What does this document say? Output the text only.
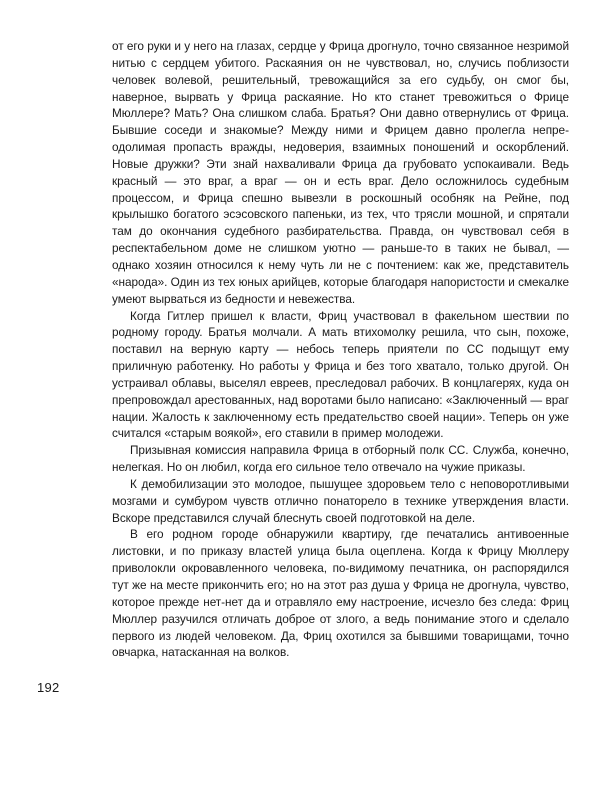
от его руки и у него на глазах, сердце у Фрица дрогнуло, точно связанное незримой нитью с сердцем убитого. Раскаяния он не чувствовал, но, случись поблизости человек волевой, решительный, тревожащийся за его судьбу, он смог бы, наверное, вырвать у Фрица раскаяние. Но кто станет тревожиться о Фрице Мюллере? Мать? Она слишком слаба. Братья? Они давно отвернулись от Фрица. Бывшие соседи и знакомые? Между ними и Фрицем давно пролегла непреодолимая пропасть вражды, недоверия, взаимных поношений и оскорблений. Новые дружки? Эти знай нахваливали Фрица да грубовато успокаивали. Ведь красный — это враг, а враг — он и есть враг. Дело осложнилось судебным процессом, и Фрица спешно вывезли в роскошный особняк на Рейне, под крылышко богатого эсэсовского папеньки, из тех, что трясли мошной, и спрятали там до окончания судебного разбирательства. Правда, он чувствовал себя в респектабельном доме не слишком уютно — раньше-то в таких не бывал, — однако хозяин относился к нему чуть ли не с почтением: как же, представитель «народа». Один из тех юных арийцев, которые благодаря напористости и смекалке умеют вырваться из бедности и невежества.

Когда Гитлер пришел к власти, Фриц участвовал в факельном шествии по родному городу. Братья молчали. А мать втихомолку решила, что сын, похоже, поставил на верную карту — небось теперь приятели по СС подыщут ему приличную работенку. Но работы у Фрица и без того хватало, только другой. Он устраивал облавы, выселял евреев, преследовал рабочих. В концлагерях, куда он препровождал арестованных, над воротами было написано: «Заключенный — враг нации. Жалость к заключенному есть предательство своей нации». Теперь он уже считался «старым воякой», его ставили в пример молодежи.

Призывная комиссия направила Фрица в отборный полк СС. Служба, конечно, нелегкая. Но он любил, когда его сильное тело отвечало на чужие приказы.

К демобилизации это молодое, пышущее здоровьем тело с неповоротливыми мозгами и сумбуром чувств отлично понаторело в технике утверждения власти. Вскоре представился случай блеснуть своей подготовкой на деле.

В его родном городе обнаружили квартиру, где печатались антивоенные листовки, и по приказу властей улица была оцеплена. Когда к Фрицу Мюллеру приволокли окровавленного человека, по-видимому печатника, он распорядился тут же на месте прикончить его; но на этот раз душа у Фрица не дрогнула, чувство, которое прежде нет-нет да и отравляло ему настроение, исчезло без следа: Фриц Мюллер разучился отличать доброе от злого, а ведь понимание этого и сделало первого из людей человеком. Да, Фриц охотился за бывшими товарищами, точно овчарка, натасканная на волков.

192
